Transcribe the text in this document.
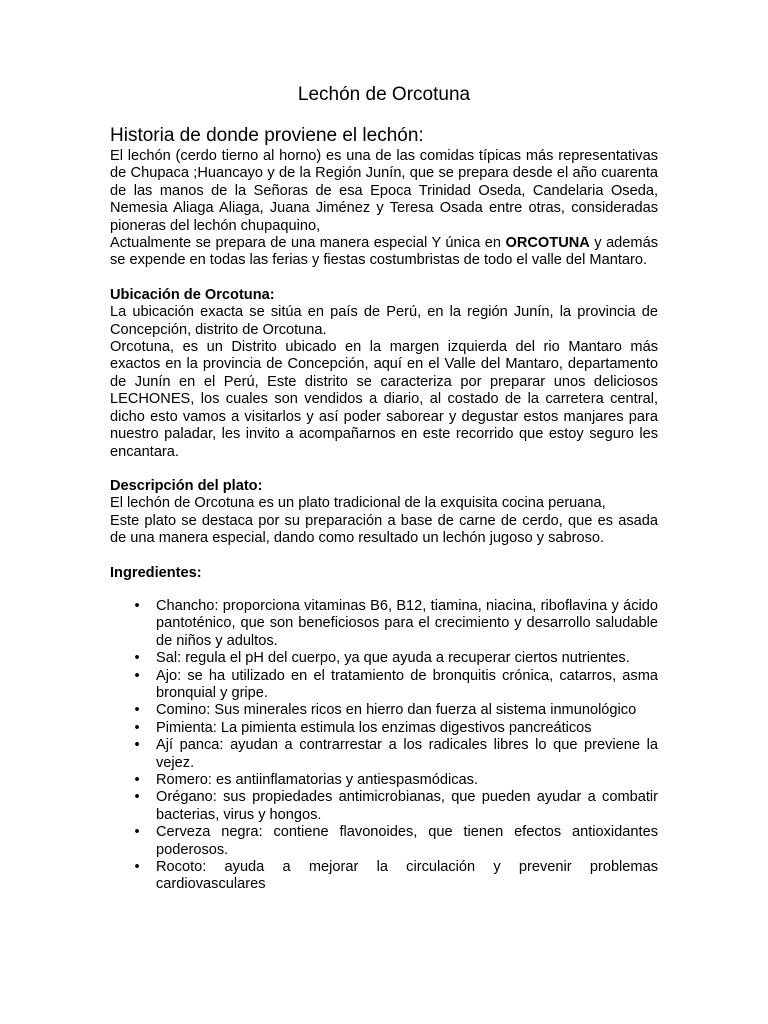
Lechón de Orcotuna
Historia de donde proviene el lechón:

El lechón (cerdo tierno al horno) es una de las comidas típicas más representativas de Chupaca ;Huancayo y de la Región Junín, que se prepara desde el año cuarenta de las manos de la Señoras de esa Epoca Trinidad Oseda, Candelaria Oseda, Nemesia Aliaga Aliaga, Juana Jiménez y Teresa Osada entre otras, consideradas pioneras del lechón chupaquino,

Actualmente se prepara de una manera especial Y única en ORCOTUNA y además se expende en todas las ferias y fiestas costumbristas de todo el valle del Mantaro.

Ubicación de Orcotuna:

La ubicación exacta se sitúa en país de Perú, en la región Junín, la provincia de Concepción, distrito de Orcotuna.

Orcotuna, es un Distrito ubicado en la margen izquierda del rio Mantaro más exactos en la provincia de Concepción, aquí en el Valle del Mantaro, departamento de Junín en el Perú, Este distrito se caracteriza por preparar unos deliciosos LECHONES, los cuales son vendidos a diario, al costado de la carretera central, dicho esto vamos a visitarlos y así poder saborear y degustar estos manjares para nuestro paladar, les invito a acompañarnos en este recorrido que estoy seguro les encantara.

Descripción del plato:

El lechón de Orcotuna es un plato tradicional de la exquisita cocina peruana,

Este plato se destaca por su preparación a base de carne de cerdo, que es asada de una manera especial, dando como resultado un lechón jugoso y sabroso.

Ingredientes:
• Chancho: proporciona vitaminas B6, B12, tiamina, niacina, riboflavina y ácido pantoténico, que son beneficiosos para el crecimiento y desarrollo saludable de niños y adultos.
• Sal: regula el pH del cuerpo, ya que ayuda a recuperar ciertos nutrientes.
• Ajo: se ha utilizado en el tratamiento de bronquitis crónica, catarros, asma bronquial y gripe.
• Comino: Sus minerales ricos en hierro dan fuerza al sistema inmunológico
• Pimienta: La pimienta estimula los enzimas digestivos pancreáticos
• Ají panca: ayudan a contrarrestar a los radicales libres lo que previene la vejez.
• Romero: es antiinflamatorias y antiespasmódicas.
• Orégano: sus propiedades antimicrobianas, que pueden ayudar a combatir bacterias, virus y hongos.
• Cerveza negra: contiene flavonoides, que tienen efectos antioxidantes poderosos.
• Rocoto: ayuda a mejorar la circulación y prevenir problemas cardiovasculares
